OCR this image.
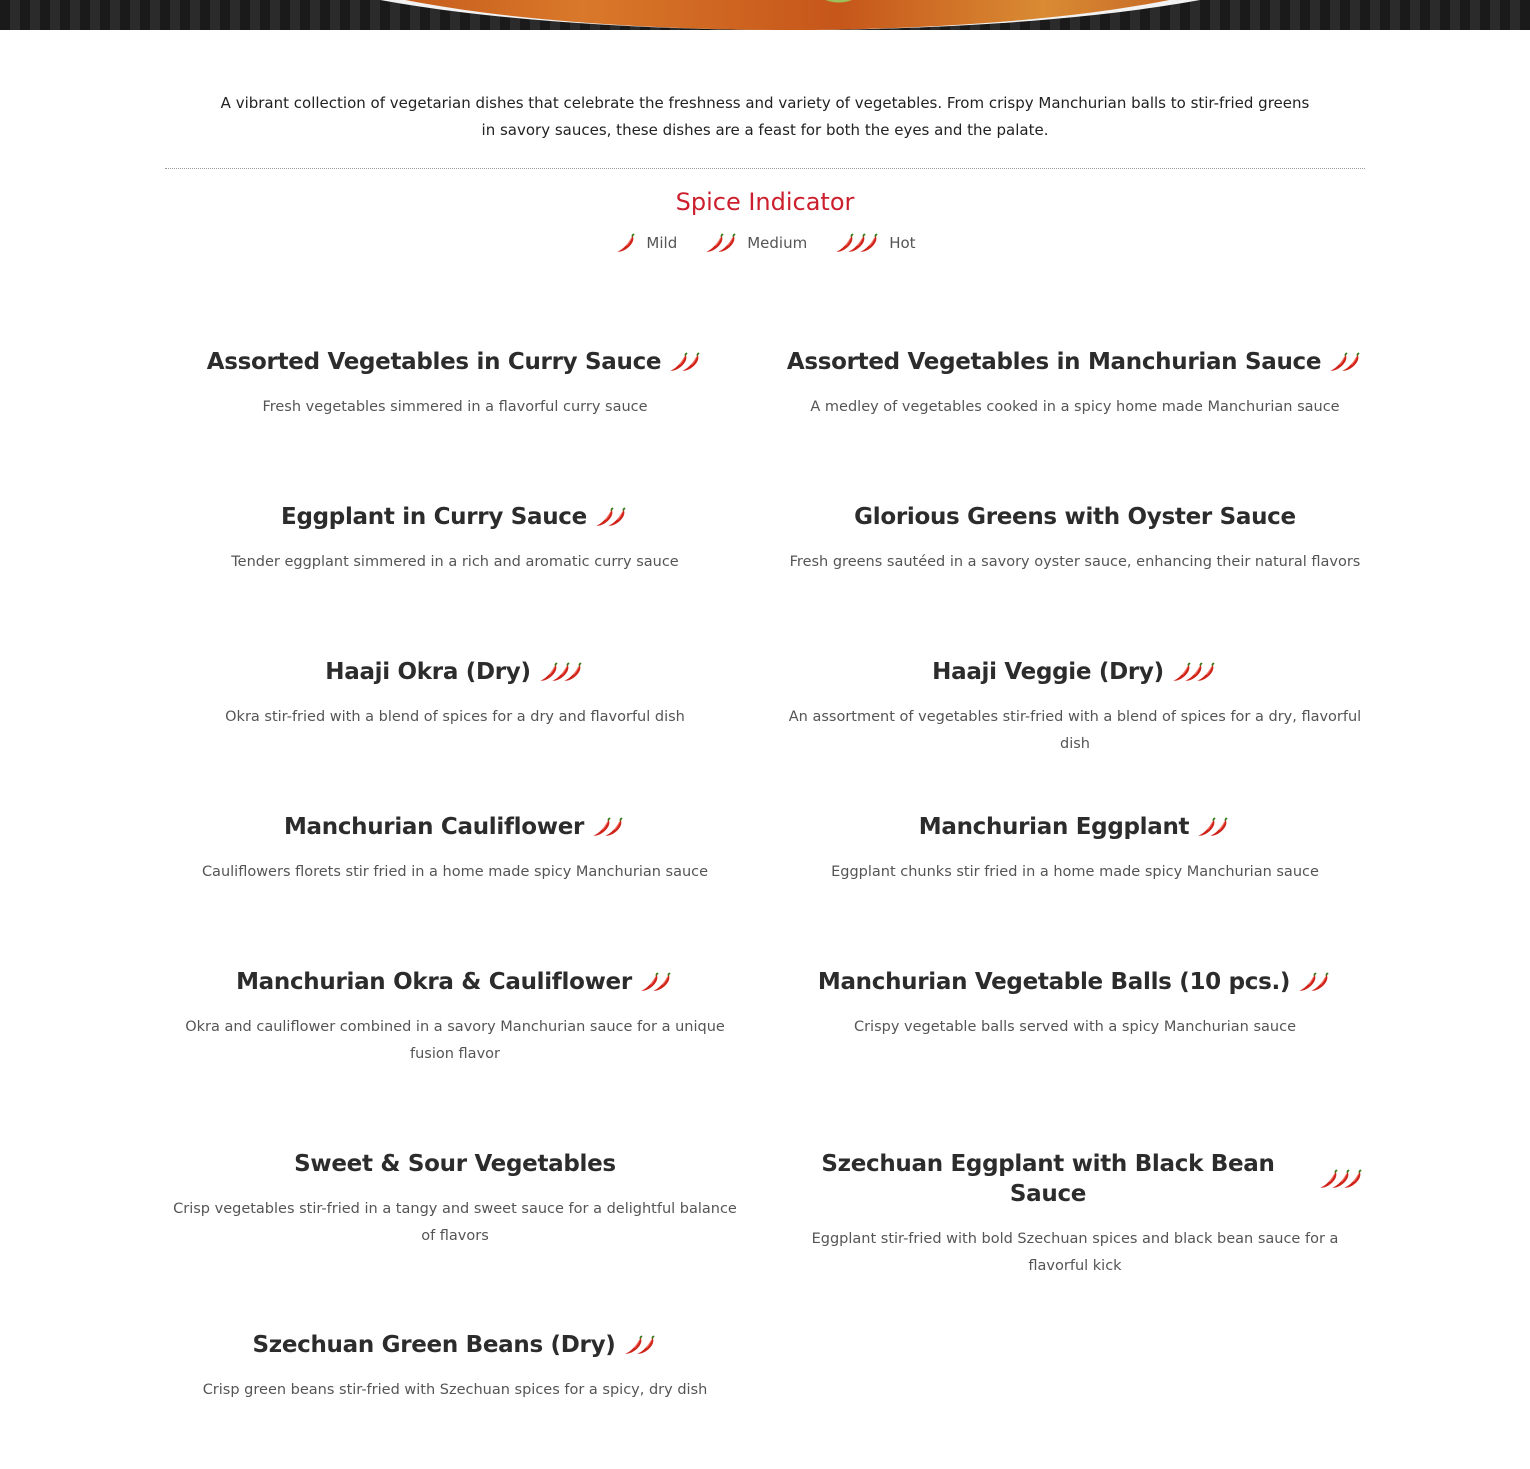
A vibrant collection of vegetarian dishes that celebrate the freshness and variety of vegetables. From crispy Manchurian balls to stir-fried greens in savory sauces, these dishes are a feast for both the eyes and the palate.

Spice Indicator
Mild	Medium	Hot
Assorted Vegetables in Curry Sauce

Fresh vegetables simmered in a flavorful curry sauce

Assorted Vegetables in Manchurian Sauce

A medley of vegetables cooked in a spicy home made Manchurian sauce

Eggplant in Curry Sauce

Tender eggplant simmered in a rich and aromatic curry sauce

Glorious Greens with Oyster Sauce

Fresh greens sautéed in a savory oyster sauce, enhancing their natural flavors

Haaji Okra (Dry)

Okra stir-fried with a blend of spices for a dry and flavorful dish

Haaji Veggie (Dry)

An assortment of vegetables stir-fried with a blend of spices for a dry, flavorful dish

Manchurian Cauliflower

Cauliflowers florets stir fried in a home made spicy Manchurian sauce

Manchurian Eggplant

Eggplant chunks stir fried in a home made spicy Manchurian sauce

Manchurian Okra & Cauliflower

Okra and cauliflower combined in a savory Manchurian sauce for a unique fusion flavor

Manchurian Vegetable Balls (10 pcs.)

Crispy vegetable balls served with a spicy Manchurian sauce

Sweet & Sour Vegetables

Crisp vegetables stir-fried in a tangy and sweet sauce for a delightful balance of flavors

Szechuan Eggplant with Black Bean Sauce

Eggplant stir-fried with bold Szechuan spices and black bean sauce for a flavorful kick

Szechuan Green Beans (Dry)

Crisp green beans stir-fried with Szechuan spices for a spicy, dry dish
